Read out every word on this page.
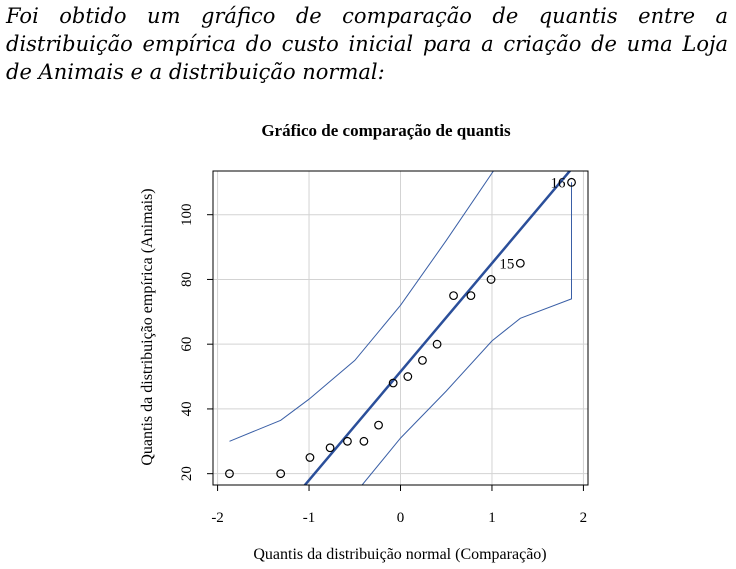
Foi obtido um gráfico de comparação de quantis entre a distribuição empírica do custo inicial para a criação de uma Loja de Animais e a distribuição normal:

15
16
-2	-1	0	1	2
20
40
60
80
100
Gráfico de comparação de quantis
Quantis da distribuição normal (Comparação)
Quantis da distribuição empírica (Animais)
